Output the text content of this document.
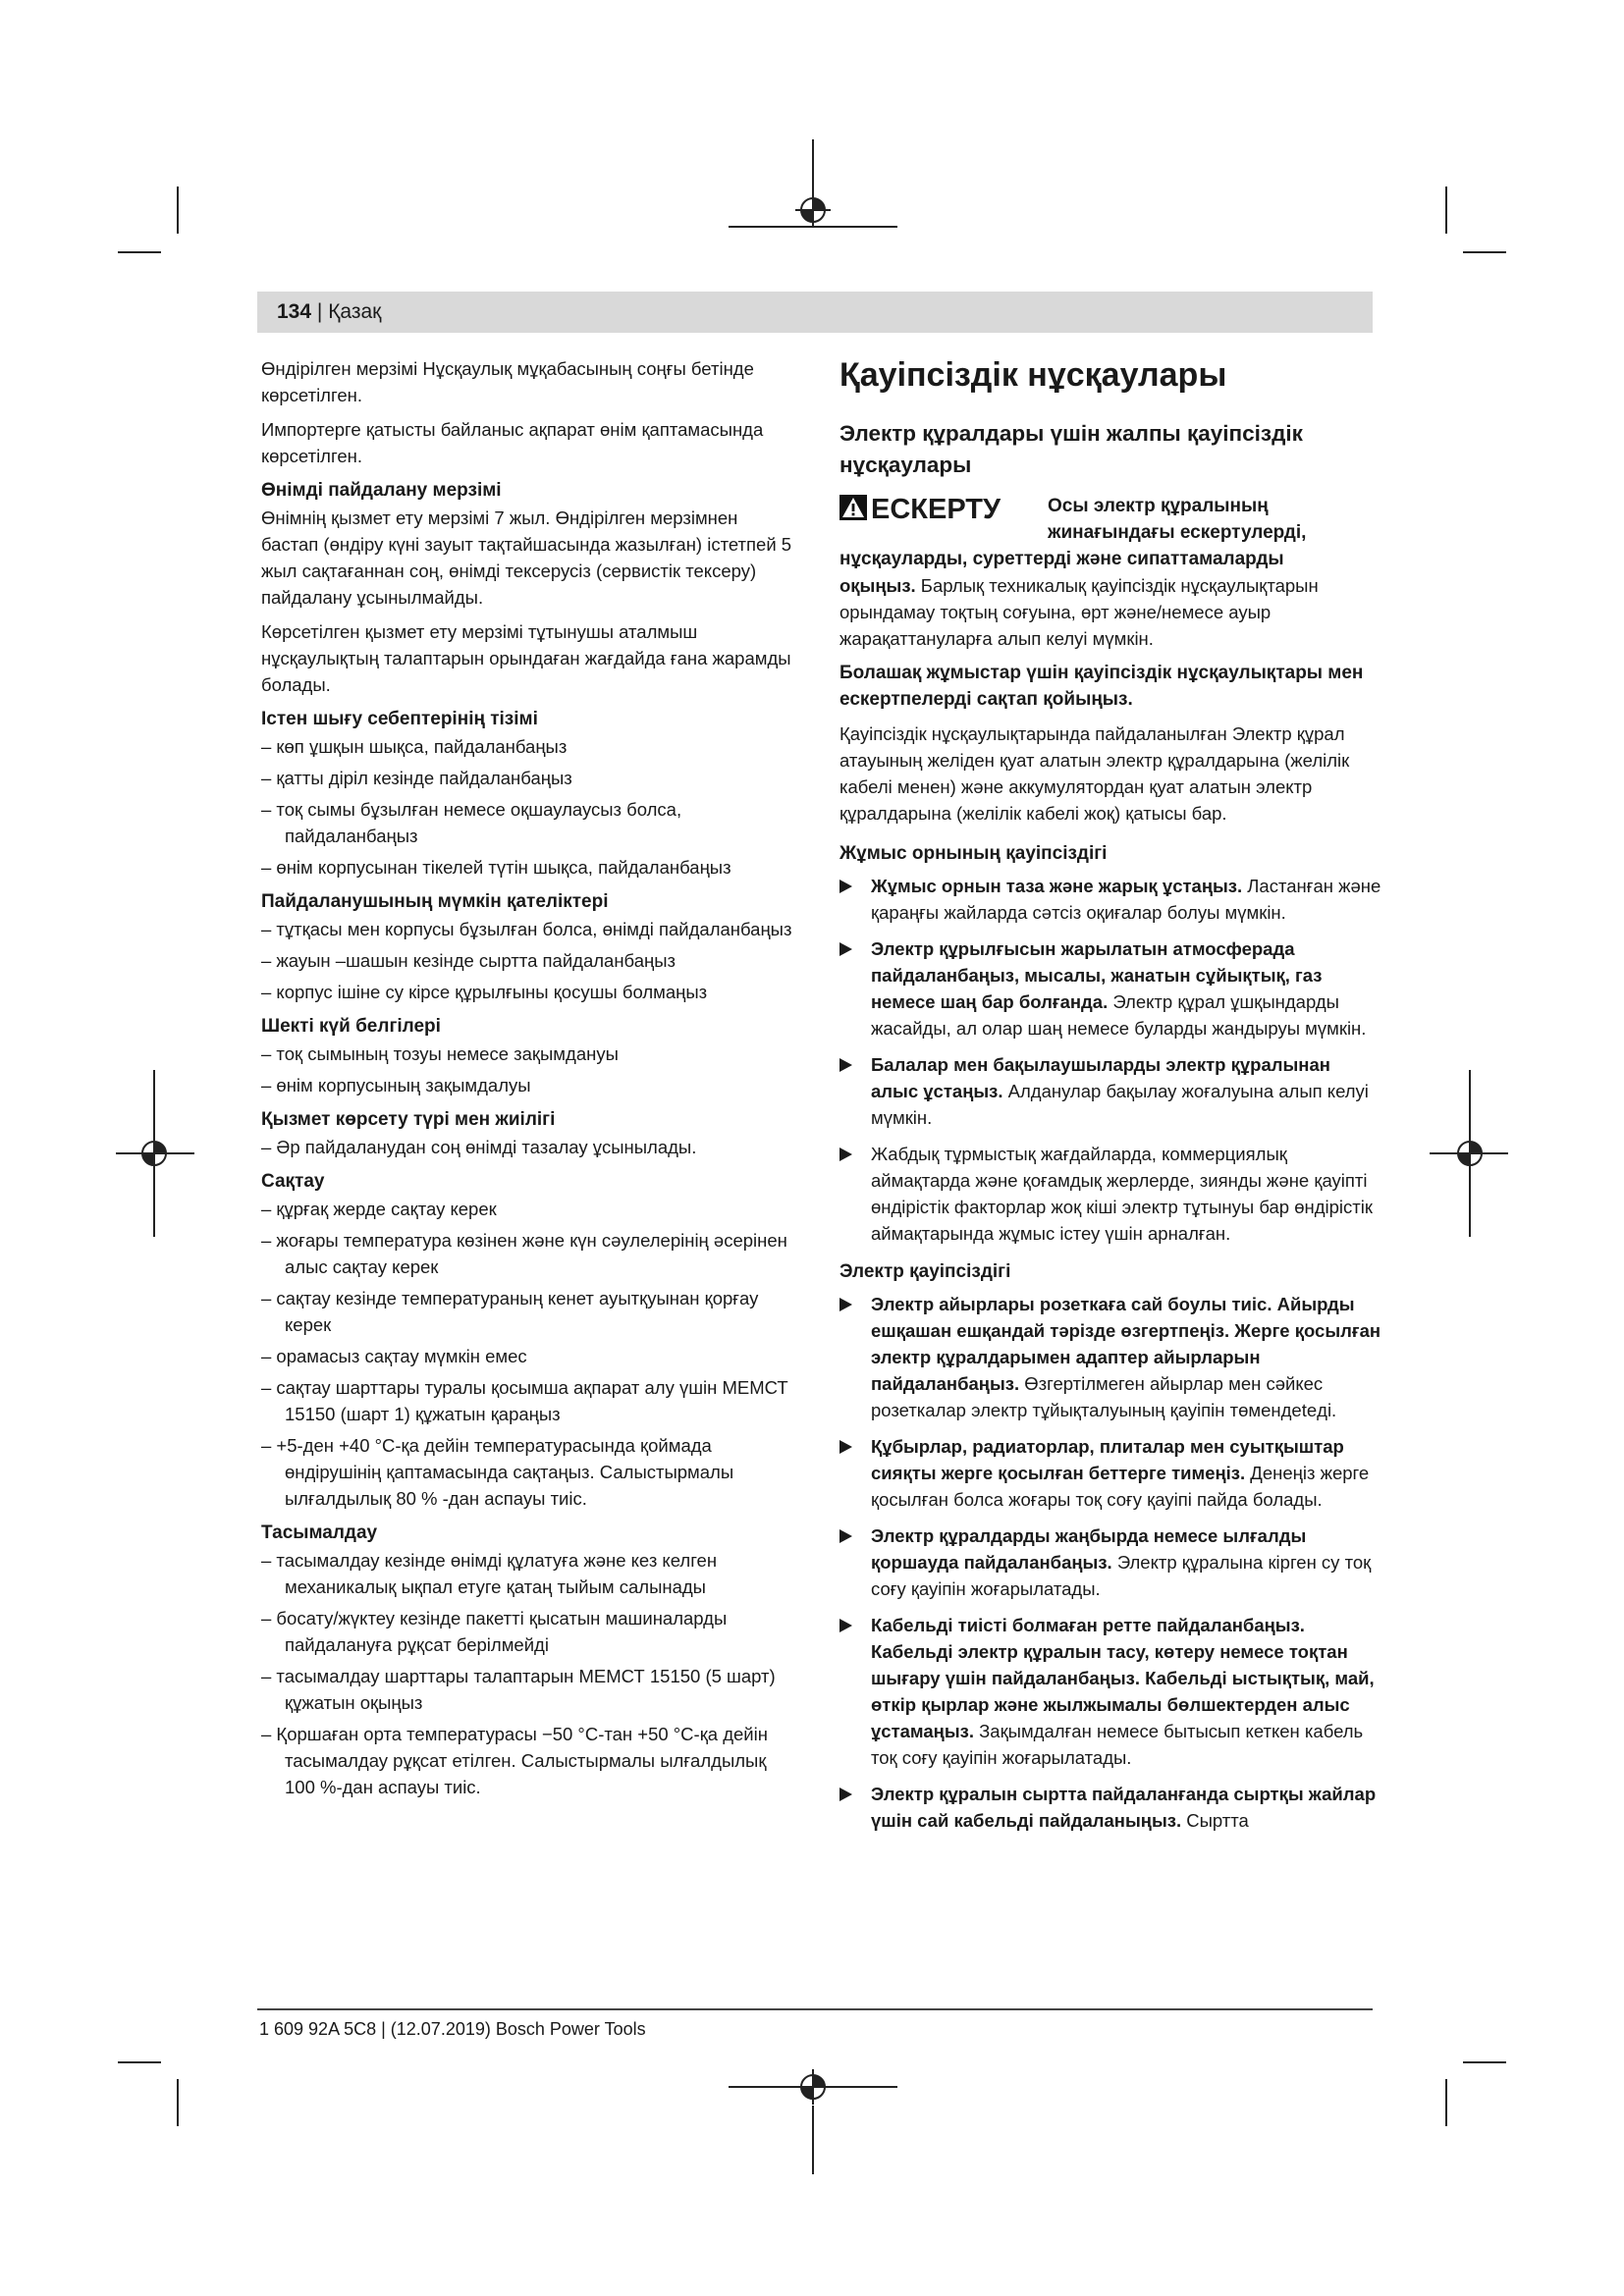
134 | Қазақ

Өндірілген мерзімі Нұсқаулық мұқабасының соңғы бетінде көрсетілген.

Импортерге қатысты байланыс ақпарат өнім қаптамасында көрсетілген.

Өнімді пайдалану мерзімі

Өнімнің қызмет ету мерзімі 7 жыл. Өндірілген мерзімнен бастап (өндіру күні зауыт тақтайшасында жазылған) істетпей 5 жыл сақтағаннан соң, өнімді тексерусіз (сервистік тексеру) пайдалану ұсынылмайды.

Көрсетілген қызмет ету мерзімі тұтынушы аталмыш нұсқаулықтың талаптарын орындаған жағдайда ғана жарамды болады.

Істен шығу себептерінің тізімі

– көп ұшқын шықса, пайдаланбаңыз

– қатты діріл кезінде пайдаланбаңыз

– тоқ сымы бұзылған немесе оқшаулаусыз болса, пайдаланбаңыз

– өнім корпусынан тікелей түтін шықса, пайдаланбаңыз

Пайдаланушының мүмкін қателіктері

– тұтқасы мен корпусы бұзылған болса, өнімді пайдаланбаңыз

– жауын –шашын кезінде сыртта пайдаланбаңыз

– корпус ішіне су кірсе құрылғыны қосушы болмаңыз

Шекті күй белгілері

– тоқ сымының тозуы немесе зақымдануы

– өнім корпусының зақымдалуы

Қызмет көрсету түрі мен жиілігі

– Әр пайдаланудан соң өнімді тазалау ұсынылады.

Сақтау

– құрғақ жерде сақтау керек

– жоғары температура көзінен және күн сәулелерінің әсерінен алыс сақтау керек

– сақтау кезінде температураның кенет ауытқуынан қорғау керек

– орамасыз сақтау мүмкін емес

– сақтау шарттары туралы қосымша ақпарат алу үшін МЕМСТ 15150 (шарт 1) құжатын қараңыз

– +5-ден +40 °C-қа дейін температурасында қоймада өндірушінің қаптамасында сақтаңыз. Салыстырмалы ылғалдылық 80 % -дан аспауы тиіс.

Тасымалдау

– тасымалдау кезінде өнімді құлатуға және кез келген механикалық ықпал етуге қатаң тыйым салынады

– босату/жүктеу кезінде пакетті қысатын машиналарды пайдалануға рұқсат берілмейді

– тасымалдау шарттары талаптарын МЕМСТ 15150 (5 шарт) құжатын оқыңыз

– Қоршаған орта температурасы −50 °C-тан +50 °C-қа дейін тасымалдау рұқсат етілген. Салыстырмалы ылғалдылық 100 %-дан аспауы тиіс.

Қауіпсіздік нұсқаулары

Электр құралдары үшін жалпы қауіпсіздік нұсқаулары

ЕСКЕРТУ	Осы электр құралының жинағындағы ескертулерді,

нұсқауларды, суреттерді және сипаттамаларды

оқыңыз. Барлық техникалық қауіпсіздік нұсқаулықтарын орындамау тоқтың соғуына, өрт және/немесе ауыр жарақаттануларға алып келуі мүмкін.

Болашақ жұмыстар үшін қауіпсіздік нұсқаулықтары мен ескертпелерді сақтап қойыңыз.

Қауіпсіздік нұсқаулықтарында пайдаланылған Электр құрал атауының желіден қуат алатын электр құралдарына (желілік кабелі менен) және аккумулятордан қуат алатын электр құралдарына (желілік кабелі жоқ) қатысы бар.

Жұмыс орнының қауіпсіздігі

Жұмыс орнын таза және жарық ұстаңыз. Ластанған және қараңғы жайларда сәтсіз оқиғалар болуы мүмкін.
Электр құрылғысын жарылатын атмосферада пайдаланбаңыз, мысалы, жанатын сұйықтық, газ немесе шаң бар болғанда. Электр құрал ұшқындарды жасайды, ал олар шаң немесе буларды жандыруы мүмкін.
Балалар мен бақылаушыларды электр құралынан алыс ұстаңыз. Алданулар бақылау жоғалуына алып келуі мүмкін.
Жабдық тұрмыстық жағдайларда, коммерциялық аймақтарда және қоғамдық жерлерде, зиянды және қауіпті өндірістік факторлар жоқ кіші электр тұтынуы бар өндірістік аймақтарында жұмыс істеу үшін арналған.

Электр қауіпсіздігі

Электр айырлары розеткаға сай боулы тиіс. Айырды ешқашан ешқандай тәрізде өзгертпеңіз. Жерге қосылған электр құралдарымен адаптер айырларын пайдаланбаңыз. Өзгертілмеген айырлар мен сәйкес розеткалар электр тұйықталуының қауіпін төмендеteді.
Құбырлар, радиаторлар, плиталар мен суытқыштар сияқты жерге қосылған беттерге тимеңіз. Денеңіз жерге қосылған болса жоғары тоқ соғу қауіпі пайда болады.
Электр құралдарды жаңбырда немесе ылғалды қоршауда пайдаланбаңыз. Электр құралына кірген су тоқ соғу қауіпін жоғарылатады.
Кабельді тиісті болмаған ретте пайдаланбаңыз. Кабельді электр құралын тасу, көтеру немесе тоқтан шығару үшін пайдаланбаңыз. Кабельді ыстықтық, май, өткір қырлар және жылжымалы бөлшектерден алыс ұстамаңыз. Зақымдалған немесе бытысып кеткен кабель тоқ соғу қауіпін жоғарылатады.
Электр құралын сыртта пайдаланғанда сыртқы жайлар үшін сай кабельді пайдаланыңыз. Сыртта
1 609 92A 5C8 | (12.07.2019) Bosch Power Tools
